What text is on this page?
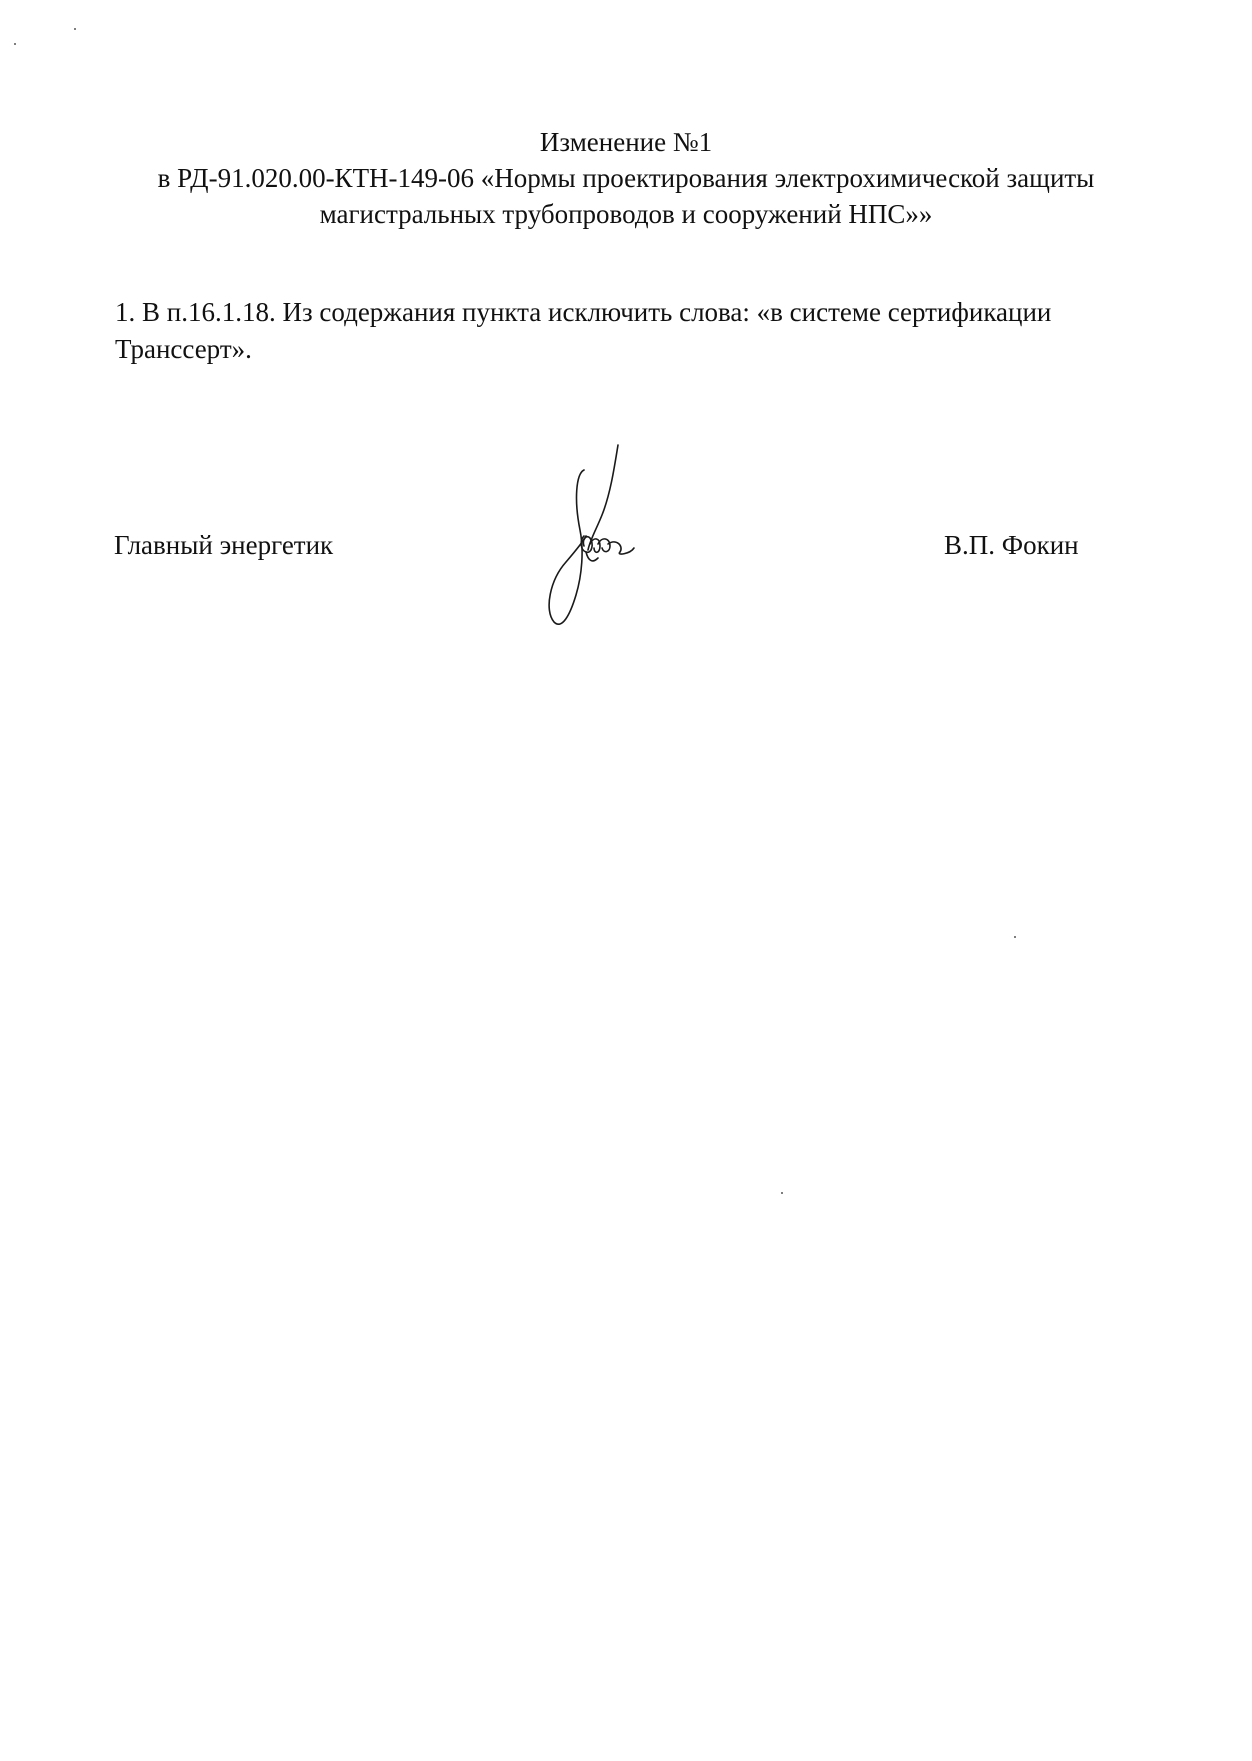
Изменение №1
в РД-91.020.00-КТН-149-06 «Нормы проектирования электрохимической защиты
магистральных трубопроводов и сооружений НПС»»
1. В п.16.1.18. Из содержания пункта исключить слова: «в системе сертификации Транссерт».
Главный энергетик	В.П. Фокин
